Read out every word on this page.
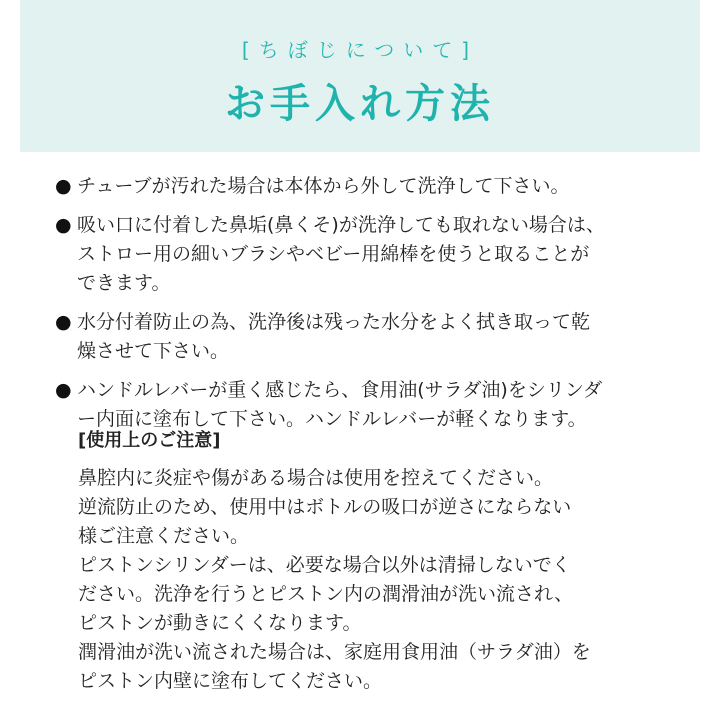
[ちぼじについて]
お手入れ方法
● チューブが汚れた場合は本体から外して洗浄して下さい。
● 吸い口に付着した鼻垢(鼻くそ)が洗浄しても取れない場合は、
ストロー用の細いブラシやベビー用綿棒を使うと取ることが
できます。
● 水分付着防止の為、洗浄後は残った水分をよく拭き取って乾
燥させて下さい。
● ハンドルレバーが重く感じたら、食用油(サラダ油)をシリンダ
ー内面に塗布して下さい。ハンドルレバーが軽くなります。
[使用上のご注意]
鼻腔内に炎症や傷がある場合は使用を控えてください。
逆流防止のため、使用中はボトルの吸口が逆さにならない
様ご注意ください。
ピストンシリンダーは、必要な場合以外は清掃しないでく
ださい。洗浄を行うとピストン内の潤滑油が洗い流され、
ピストンが動きにくくなります。
潤滑油が洗い流された場合は、家庭用食用油（サラダ油）を
ピストン内壁に塗布してください。
